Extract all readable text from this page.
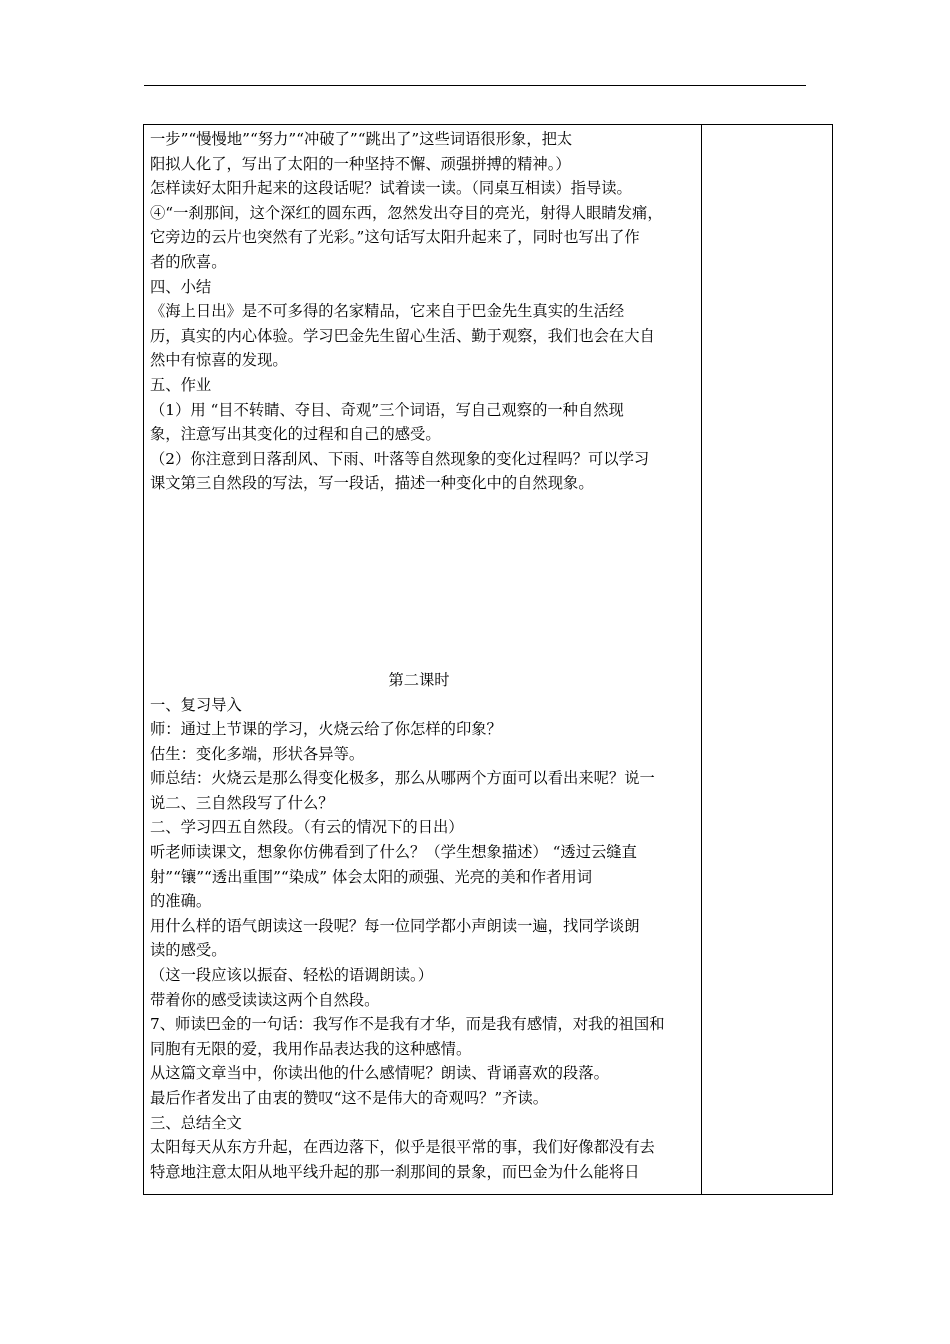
一步”“慢慢地”“努力”“冲破了”“跳出了”这些词语很形象，把太
阳拟人化了，写出了太阳的一种坚持不懈、顽强拼搏的精神。）
怎样读好太阳升起来的这段话呢？试着读一读。（同桌互相读）指导读。
④“一刹那间，这个深红的圆东西，忽然发出夺目的亮光，射得人眼睛发痛，
它旁边的云片也突然有了光彩。”这句话写太阳升起来了，同时也写出了作
者的欣喜。
四、小结
《海上日出》是不可多得的名家精品，它来自于巴金先生真实的生活经
历，真实的内心体验。学习巴金先生留心生活、勤于观察，我们也会在大自
然中有惊喜的发现。
五、作业
（1）用 “目不转睛、夺目、奇观”三个词语，写自己观察的一种自然现
象，注意写出其变化的过程和自己的感受。
（2）你注意到日落刮风、下雨、叶落等自然现象的变化过程吗？可以学习
课文第三自然段的写法，写一段话，描述一种变化中的自然现象。
第二课时
一、复习导入
师：通过上节课的学习，火烧云给了你怎样的印象？
估生：变化多端，形状各异等。
师总结：火烧云是那么得变化极多，那么从哪两个方面可以看出来呢？说一
说二、三自然段写了什么？
二、学习四五自然段。（有云的情况下的日出）
听老师读课文，想象你仿佛看到了什么？（学生想象描述） “透过云缝直
射”“镶”“透出重围”“染成” 体会太阳的顽强、光亮的美和作者用词
的准确。
用什么样的语气朗读这一段呢？每一位同学都小声朗读一遍，找同学谈朗
读的感受。
（这一段应该以振奋、轻松的语调朗读。）
带着你的感受读读这两个自然段。
7、师读巴金的一句话：我写作不是我有才华，而是我有感情，对我的祖国和
同胞有无限的爱，我用作品表达我的这种感情。
从这篇文章当中，你读出他的什么感情呢？朗读、背诵喜欢的段落。
最后作者发出了由衷的赞叹“这不是伟大的奇观吗？”齐读。
三、总结全文
太阳每天从东方升起，在西边落下，似乎是很平常的事，我们好像都没有去
特意地注意太阳从地平线升起的那一刹那间的景象，而巴金为什么能将日
